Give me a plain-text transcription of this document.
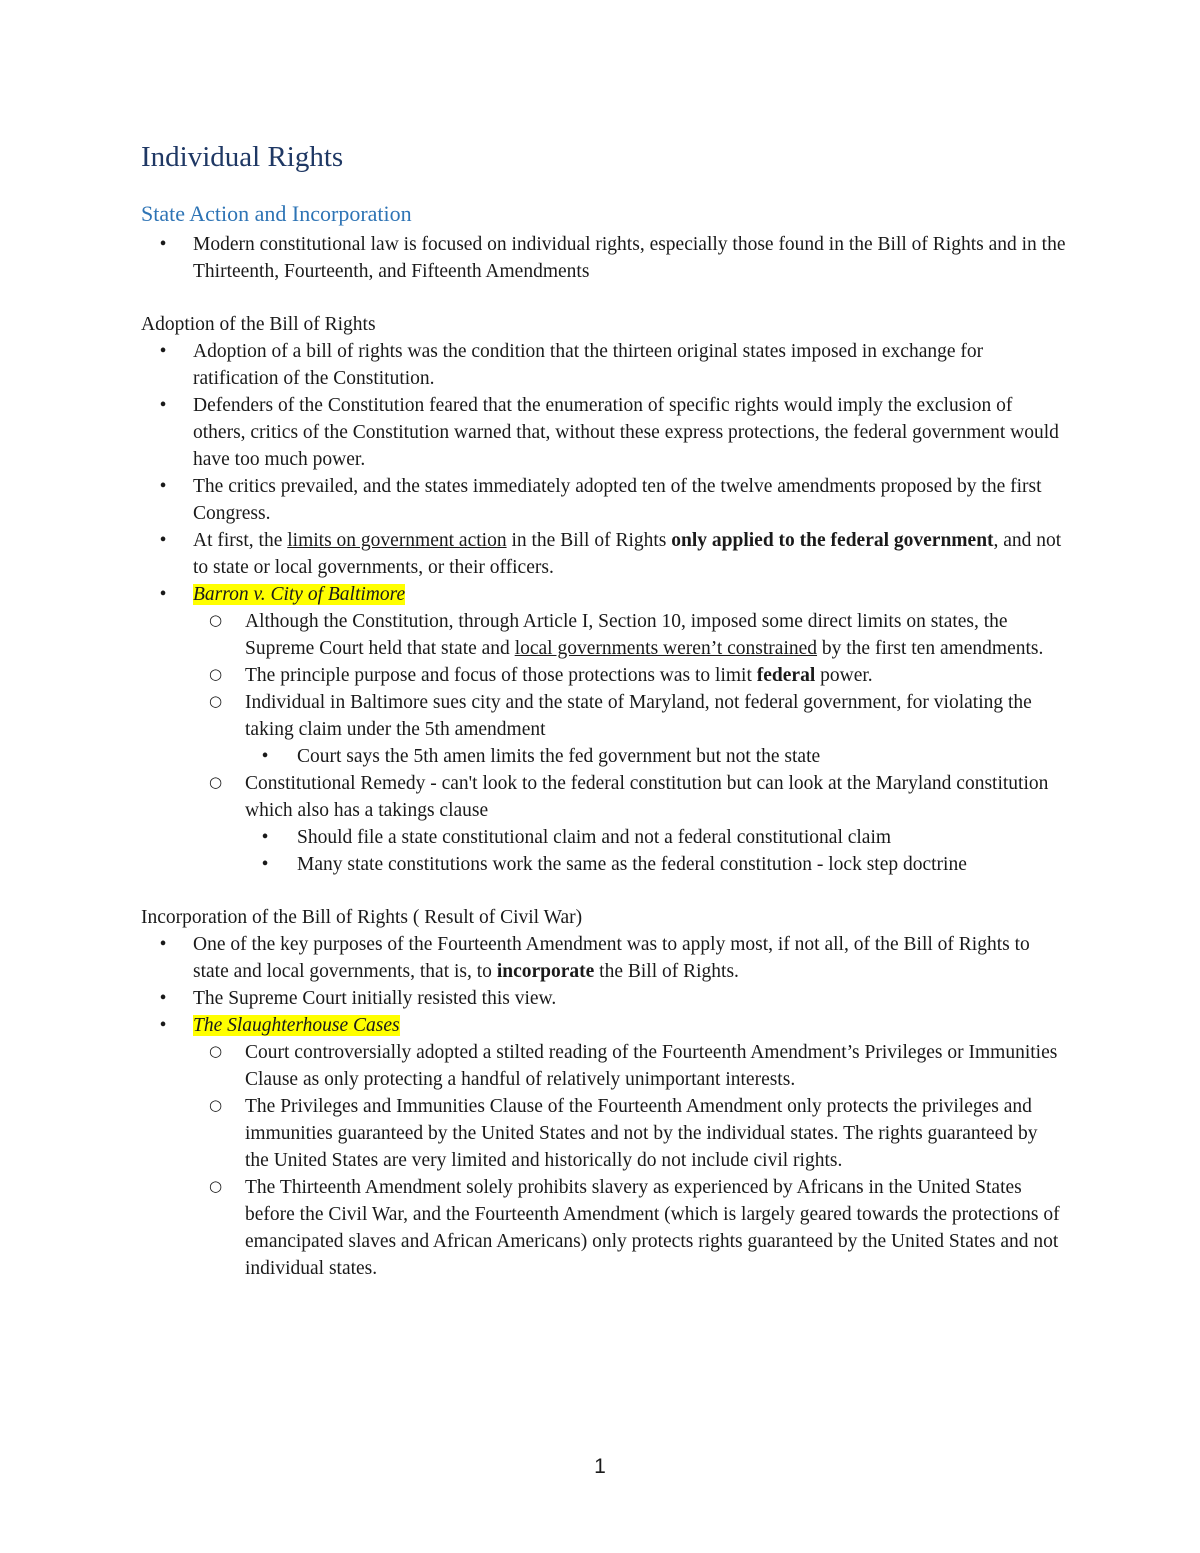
Individual Rights
State Action and Incorporation
• Modern constitutional law is focused on individual rights, especially those found in the Bill of Rights and in the Thirteenth, Fourteenth, and Fifteenth Amendments
Adoption of the Bill of Rights
• Adoption of a bill of rights was the condition that the thirteen original states imposed in exchange for ratification of the Constitution.
• Defenders of the Constitution feared that the enumeration of specific rights would imply the exclusion of others, critics of the Constitution warned that, without these express protections, the federal government would have too much power.
• The critics prevailed, and the states immediately adopted ten of the twelve amendments proposed by the first Congress.
• At first, the limits on government action in the Bill of Rights only applied to the federal government, and not to state or local governments, or their officers.
• Barron v. City of Baltimore
○ Although the Constitution, through Article I, Section 10, imposed some direct limits on states, the Supreme Court held that state and local governments weren’t constrained by the first ten amendments.
○ The principle purpose and focus of those protections was to limit federal power.
○ Individual in Baltimore sues city and the state of Maryland, not federal government, for violating the taking claim under the 5th amendment
• Court says the 5th amen limits the fed government but not the state
○ Constitutional Remedy - can't look to the federal constitution but can look at the Maryland constitution which also has a takings clause
• Should file a state constitutional claim and not a federal constitutional claim
• Many state constitutions work the same as the federal constitution - lock step doctrine
Incorporation of the Bill of Rights ( Result of Civil War)
• One of the key purposes of the Fourteenth Amendment was to apply most, if not all, of the Bill of Rights to state and local governments, that is, to incorporate the Bill of Rights.
• The Supreme Court initially resisted this view.
• The Slaughterhouse Cases
○ Court controversially adopted a stilted reading of the Fourteenth Amendment’s Privileges or Immunities Clause as only protecting a handful of relatively unimportant interests.
○ The Privileges and Immunities Clause of the Fourteenth Amendment only protects the privileges and immunities guaranteed by the United States and not by the individual states. The rights guaranteed by the United States are very limited and historically do not include civil rights.
○ The Thirteenth Amendment solely prohibits slavery as experienced by Africans in the United States before the Civil War, and the Fourteenth Amendment (which is largely geared towards the protections of emancipated slaves and African Americans) only protects rights guaranteed by the United States and not individual states.
1
